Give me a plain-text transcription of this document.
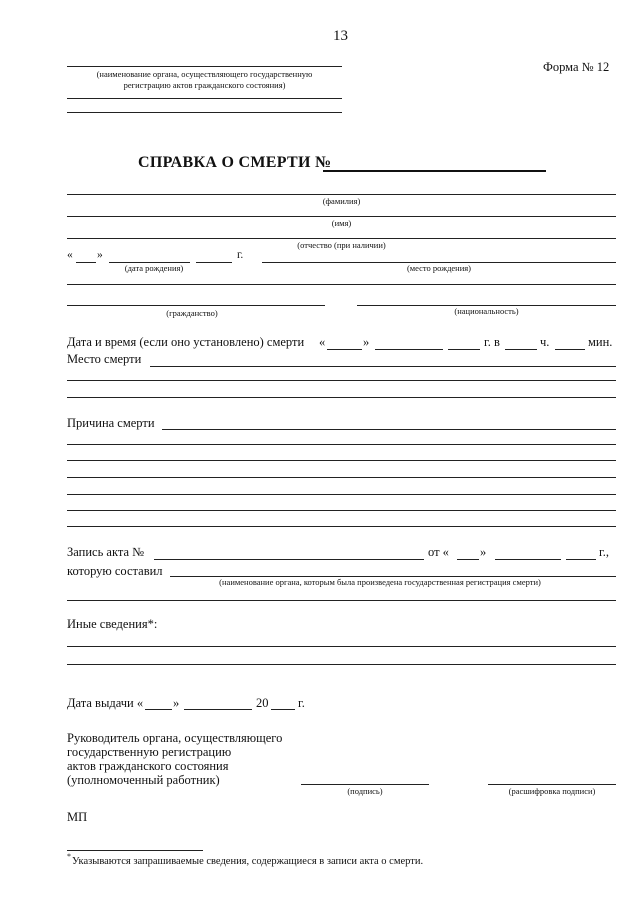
13
Форма № 12
(наименование органа, осуществляющего государственную
регистрацию актов гражданского состояния)
СПРАВКА О СМЕРТИ №
(фамилия)
(имя)
(отчество (при наличии)
« »	г.
(дата рождения)	(место рождения)
(гражданство)	(национальность)
Дата и время (если оно установлено) смерти «	»	г. в	ч.	мин.
Место смерти
Причина смерти
Запись акта №	от « »	г.,
которую составил
(наименование органа, которым была произведена государственная регистрация смерти)
Иные сведения*:
Дата выдачи « »	20 г.
Руководитель органа, осуществляющего
государственную регистрацию
актов гражданского состояния
(уполномоченный работник)
(подпись)	(расшифровка подписи)
МП
* Указываются запрашиваемые сведения, содержащиеся в записи акта о смерти.
